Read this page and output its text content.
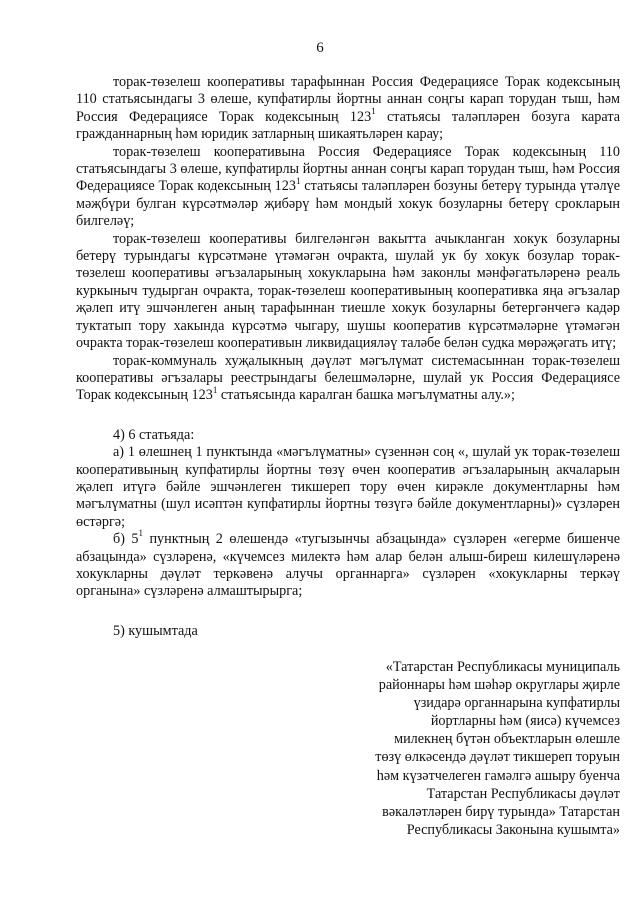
6

торак-төзелеш кооперативы тарафыннан Россия Федерациясе Торак кодексының 110 статьясындагы 3 өлеше, купфатирлы йортны аннан соңгы карап торудан тыш, һәм Россия Федерациясе Торак кодексының $123^1$ статьясы таләпләрен бозуга карата гражданнарның һәм юридик затларның шикаятьләрен карау;

торак-төзелеш кооперативына Россия Федерациясе Торак кодексының 110 статьясындагы 3 өлеше, купфатирлы йортны аннан соңгы карап торудан тыш, һәм Россия Федерациясе Торак кодексының $123^1$ статьясы таләпләрен бозуны бетерү турында үтәлүе мәҗбүри булган күрсәтмәләр җибәрү һәм мондый хокук бозуларны бетерү срокларын билгеләү;

торак-төзелеш кооперативы билгеләнгән вакытта ачыкланган хокук бозуларны бетерү турындагы күрсәтмәне үтәмәгән очракта, шулай ук бу хокук бозулар торак-төзелеш кооперативы әгъзаларының хокукларына һәм законлы мәнфәгатьләренә реаль куркыныч тудырган очракта, торак-төзелеш кооперативының кооперативка яңа әгъзалар җәлеп итү эшчәнлеген аның тарафыннан тиешле хокук бозуларны бетергәнчегә кадәр туктатып тору хакында күрсәтмә чыгару, шушы кооператив күрсәтмәләрне үтәмәгән очракта торак-төзелеш кооперативын ликвидацияләү таләбе белән судка мөрәҗәгать итү;

торак-коммуналь хуҗалыкның дәүләт мәгълүмат системасыннан торак-төзелеш кооперативы әгъзалары реестрындагы белешмәләрне, шулай ук Россия Федерациясе Торак кодексының $123^1$ статьясында каралган башка мәгълүматны алу.»;

4) 6 статьяда:

а) 1 өлешнең 1 пунктында «мәгълүматны» сүзеннән соң «, шулай ук торак-төзелеш кооперативының купфатирлы йортны төзү өчен кооператив әгъзаларының акчаларын җәлеп итүгә бәйле эшчәнлеген тикшереп тору өчен кирәкле документларны һәм мәгълүматны (шул исәптән купфатирлы йортны төзүгә бәйле документларны)» сүзләрен өстәргә;

б) $5^1$ пунктның 2 өлешендә «тугызынчы абзацында» сүзләрен «егерме бишенче абзацында» сүзләренә, «күчемсез милектә һәм алар белән алыш-биреш килешүләренә хокукларны дәүләт теркәвенә алучы органнарга» сүзләрен «хокукларны теркәү органына» сүзләренә алмаштырырга;

5) кушымтада

«Татарстан Республикасы муниципаль
районнары һәм шәһәр округлары җирле
үзидарә органнарына купфатирлы
йортларны һәм (яисә) күчемсез
милекнең бүтән объектларын өлешле
төзү өлкәсендә дәүләт тикшереп торуын
һәм күзәтчелеген гамәлгә ашыру буенча
Татарстан Республикасы дәүләт
вәкаләтләрен бирү турында» Татарстан
Республикасы Законына кушымта»
